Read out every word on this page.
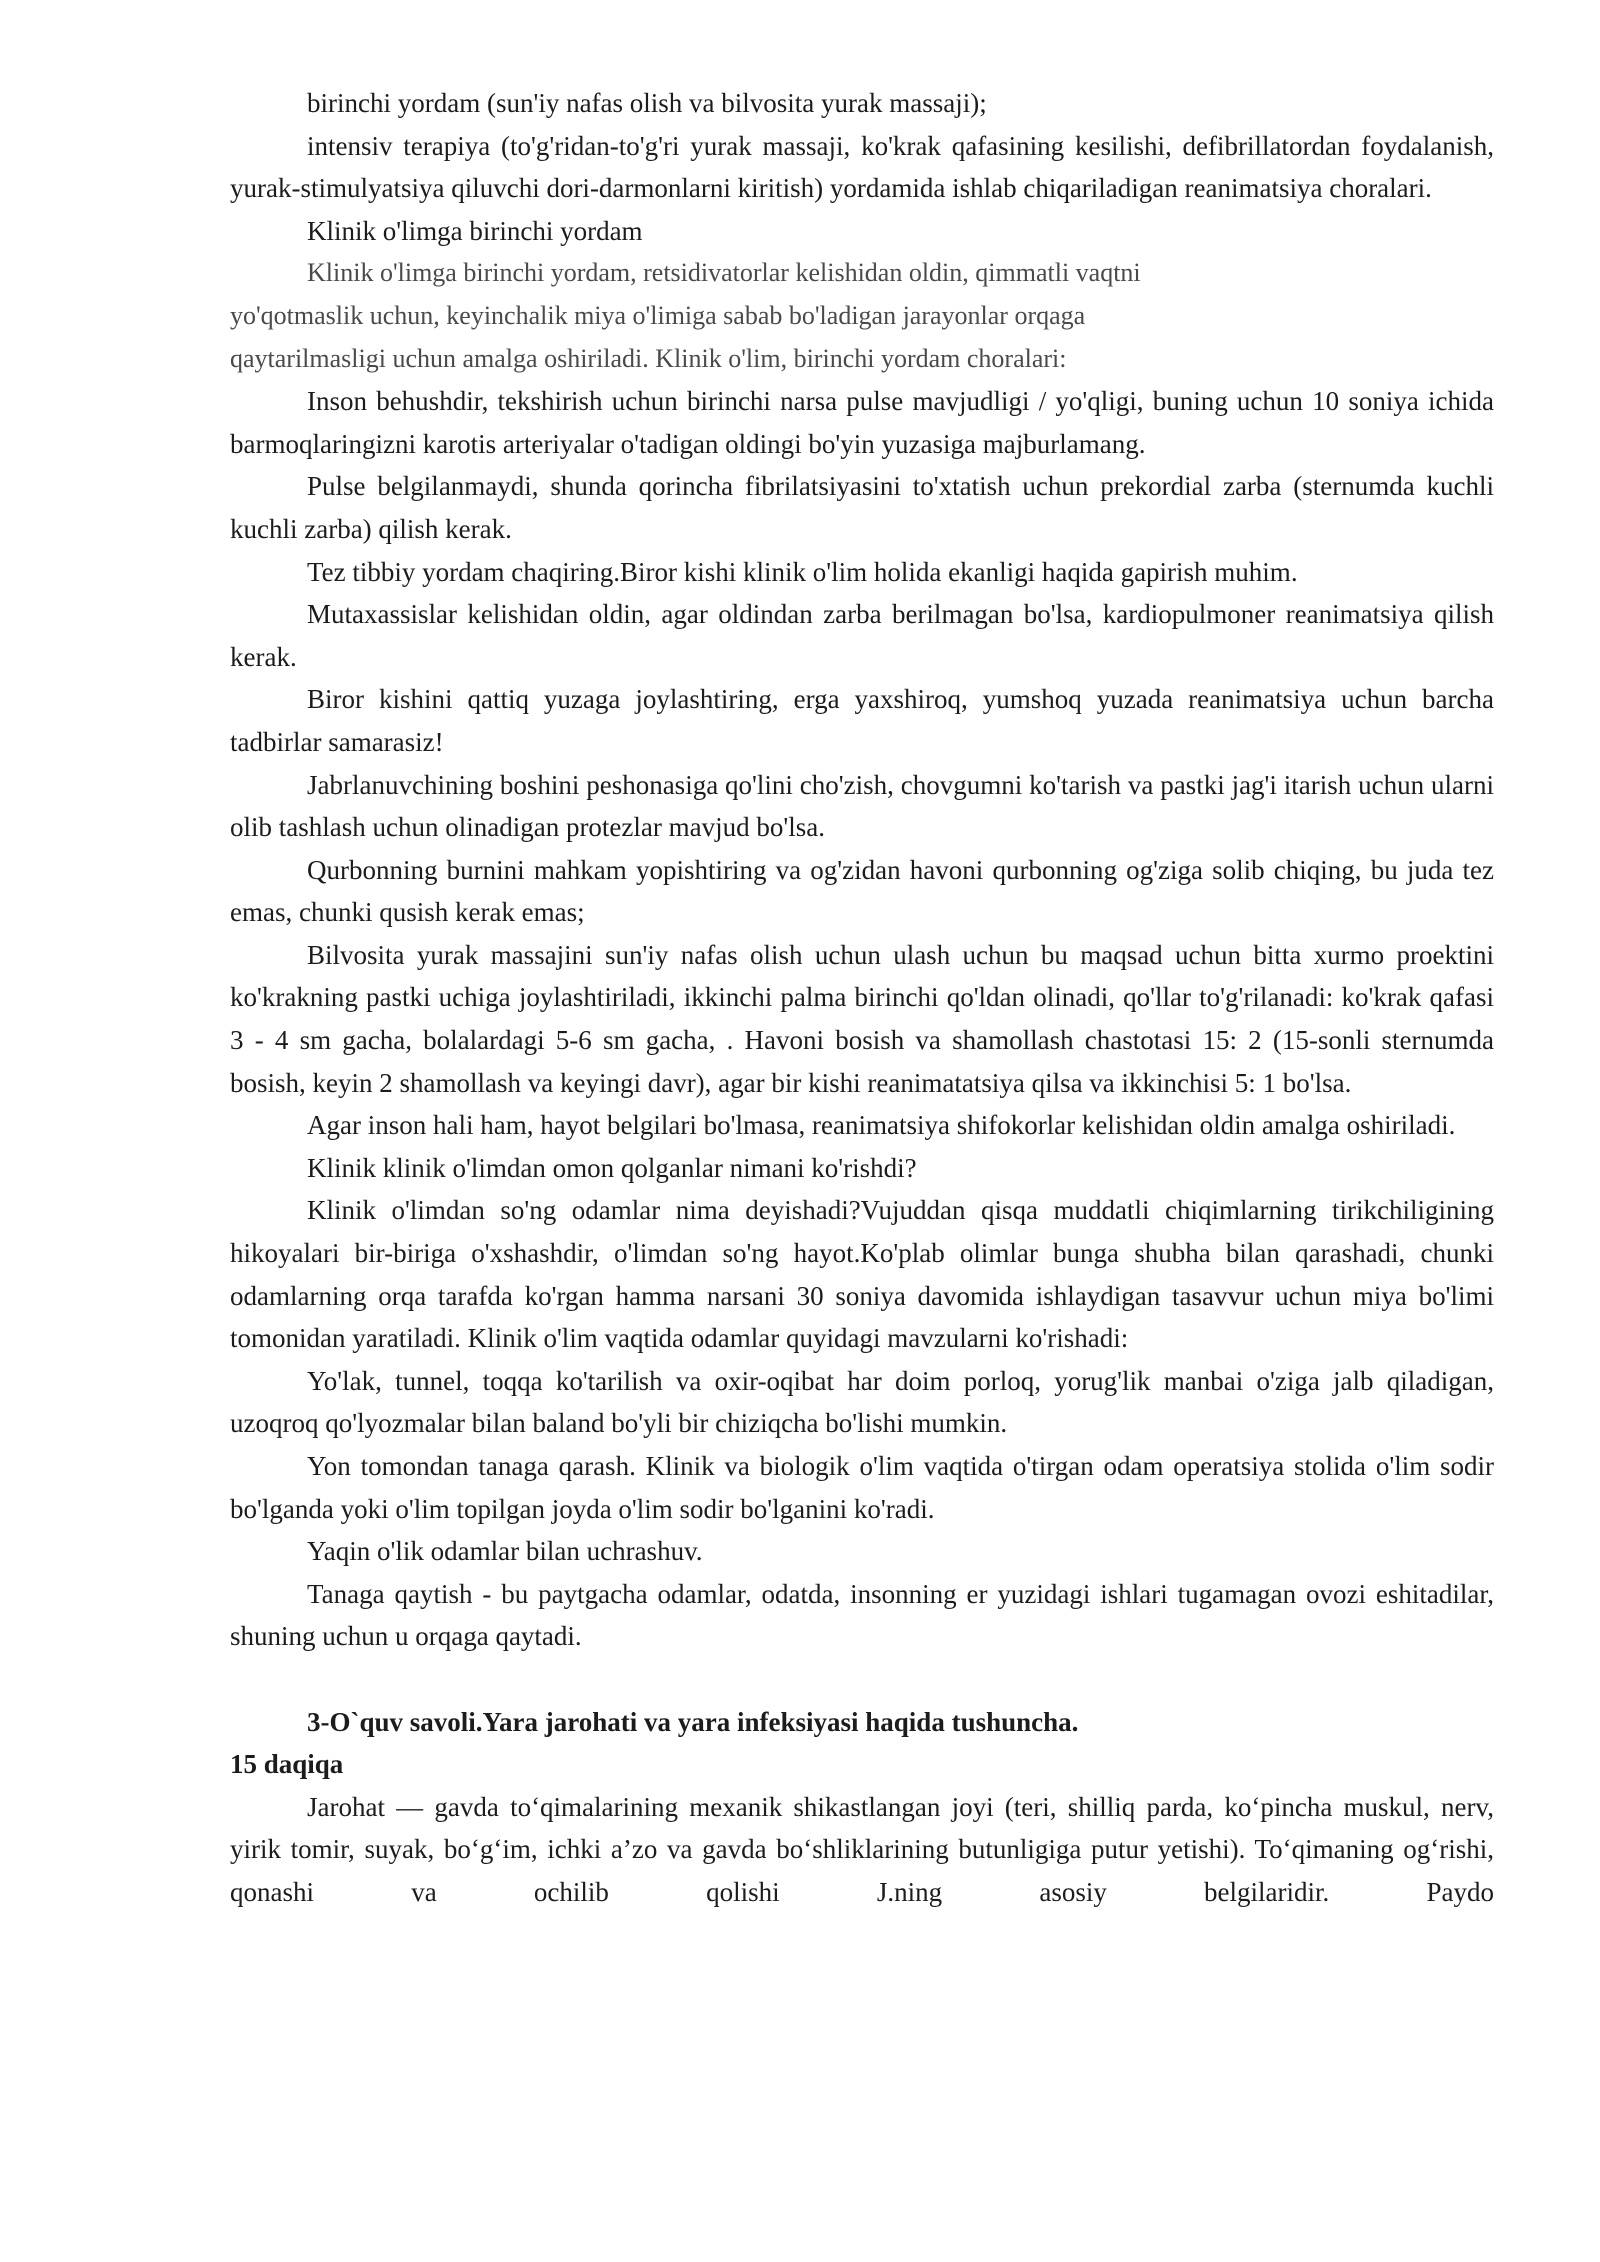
birinchi yordam (sun'iy nafas olish va bilvosita yurak massaji);

intensiv terapiya (to'g'ridan-to'g'ri yurak massaji, ko'krak qafasining kesilishi, defibrillatordan foydalanish, yurak-stimulyatsiya qiluvchi dori-darmonlarni kiritish) yordamida ishlab chiqariladigan reanimatsiya choralari.

Klinik o'limga birinchi yordam

Klinik o'limga birinchi yordam, retsidivatorlar kelishidan oldin, qimmatli vaqtni

yo'qotmaslik uchun, keyinchalik miya o'limiga sabab bo'ladigan jarayonlar orqaga

qaytarilmasligi uchun amalga oshiriladi. Klinik o'lim, birinchi yordam choralari:

Inson behushdir, tekshirish uchun birinchi narsa pulse mavjudligi / yo'qligi, buning uchun 10 soniya ichida barmoqlaringizni karotis arteriyalar o'tadigan oldingi bo'yin yuzasiga majburlamang.

Pulse belgilanmaydi, shunda qorincha fibrilatsiyasini to'xtatish uchun prekordial zarba (sternumda kuchli kuchli zarba) qilish kerak.

Tez tibbiy yordam chaqiring.Biror kishi klinik o'lim holida ekanligi haqida gapirish muhim.

Mutaxassislar kelishidan oldin, agar oldindan zarba berilmagan bo'lsa, kardiopulmoner reanimatsiya qilish kerak.

Biror kishini qattiq yuzaga joylashtiring, erga yaxshiroq, yumshoq yuzada reanimatsiya uchun barcha tadbirlar samarasiz!

Jabrlanuvchining boshini peshonasiga qo'lini cho'zish, chovgumni ko'tarish va pastki jag'i itarish uchun ularni olib tashlash uchun olinadigan protezlar mavjud bo'lsa.

Qurbonning burnini mahkam yopishtiring va og'zidan havoni qurbonning og'ziga solib chiqing, bu juda tez emas, chunki qusish kerak emas;

Bilvosita yurak massajini sun'iy nafas olish uchun ulash uchun bu maqsad uchun bitta xurmo proektini ko'krakning pastki uchiga joylashtiriladi, ikkinchi palma birinchi qo'ldan olinadi, qo'llar to'g'rilanadi: ko'krak qafasi 3 - 4 sm gacha, bolalardagi 5-6 sm gacha, . Havoni bosish va shamollash chastotasi 15: 2 (15-sonli sternumda bosish, keyin 2 shamollash va keyingi davr), agar bir kishi reanimatatsiya qilsa va ikkinchisi 5: 1 bo'lsa.

Agar inson hali ham, hayot belgilari bo'lmasa, reanimatsiya shifokorlar kelishidan oldin amalga oshiriladi.

Klinik klinik o'limdan omon qolganlar nimani ko'rishdi?

Klinik o'limdan so'ng odamlar nima deyishadi?Vujuddan qisqa muddatli chiqimlarning tirikchiligining hikoyalari bir-biriga o'xshashdir, o'limdan so'ng hayot.Ko'plab olimlar bunga shubha bilan qarashadi, chunki odamlarning orqa tarafda ko'rgan hamma narsani 30 soniya davomida ishlaydigan tasavvur uchun miya bo'limi tomonidan yaratiladi. Klinik o'lim vaqtida odamlar quyidagi mavzularni ko'rishadi:

Yo'lak, tunnel, toqqa ko'tarilish va oxir-oqibat har doim porloq, yorug'lik manbai o'ziga jalb qiladigan, uzoqroq qo'lyozmalar bilan baland bo'yli bir chiziqcha bo'lishi mumkin.

Yon tomondan tanaga qarash. Klinik va biologik o'lim vaqtida o'tirgan odam operatsiya stolida o'lim sodir bo'lganda yoki o'lim topilgan joyda o'lim sodir bo'lganini ko'radi.

Yaqin o'lik odamlar bilan uchrashuv.

Tanaga qaytish - bu paytgacha odamlar, odatda, insonning er yuzidagi ishlari tugamagan ovozi eshitadilar, shuning uchun u orqaga qaytadi.

3-O`quv savoli.Yara jarohati va yara infeksiyasi haqida tushuncha.

15 daqiqa

Jarohat — gavda to‘qimalarining mexanik shikastlangan joyi (teri, shilliq parda, ko‘pincha muskul, nerv, yirik tomir, suyak, bo‘g‘im, ichki a’zo va gavda bo‘shliklarining butunligiga putur yetishi). To‘qimaning og‘rishi, qonashi va ochilib qolishi J.ning asosiy belgilaridir. Paydo
